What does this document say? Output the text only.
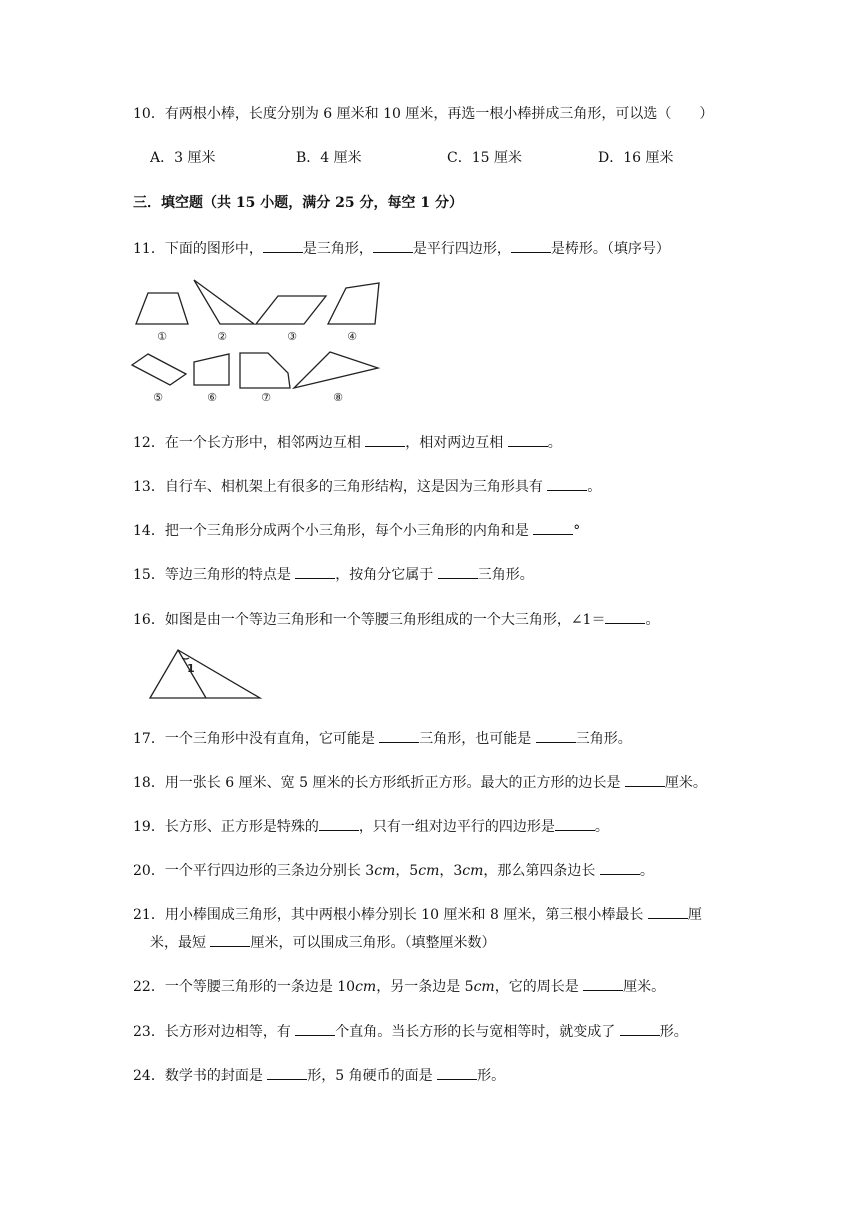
10．有两根小棒，长度分别为 6 厘米和 10 厘米，再选一根小棒拼成三角形，可以选（　　）
A．3 厘米	B．4 厘米	C．15 厘米	D．16 厘米
三．填空题（共 15 小题，满分 25 分，每空 1 分）
11．下面的图形中，	是三角形，	是平行四边形，	是梼形。（填序号）
①	②	③	④
⑤	⑥	⑦	⑧
12．在一个长方形中，相邻两边互相	，相对两边互相	。
13．自行车、相机架上有很多的三角形结构，这是因为三角形具有	。
14．把一个三角形分成两个小三角形，每个小三角形的内角和是	°
15．等边三角形的特点是	，按角分它属于	三角形。
16．如图是由一个等边三角形和一个等腰三角形组成的一个大三角形，∠1＝	。
1
17．一个三角形中没有直角，它可能是	三角形，也可能是	三角形。
18．用一张长 6 厘米、宽 5 厘米的长方形纸折正方形。最大的正方形的边长是	厘米。
19．长方形、正方形是特殊的	，只有一组对边平行的四边形是	。
20．一个平行四边形的三条边分别长 3cm，5cm，3cm，那么第四条边长	。
21．用小棒围成三角形，其中两根小棒分别长 10 厘米和 8 厘米，第三根小棒最长	厘
米，最短	厘米，可以围成三角形。（填整厘米数）
22．一个等腰三角形的一条边是 10cm，另一条边是 5cm，它的周长是	厘米。
23．长方形对边相等，有	个直角。当长方形的长与宽相等时，就变成了	形。
24．数学书的封面是	形，5 角硬币的面是	形。
